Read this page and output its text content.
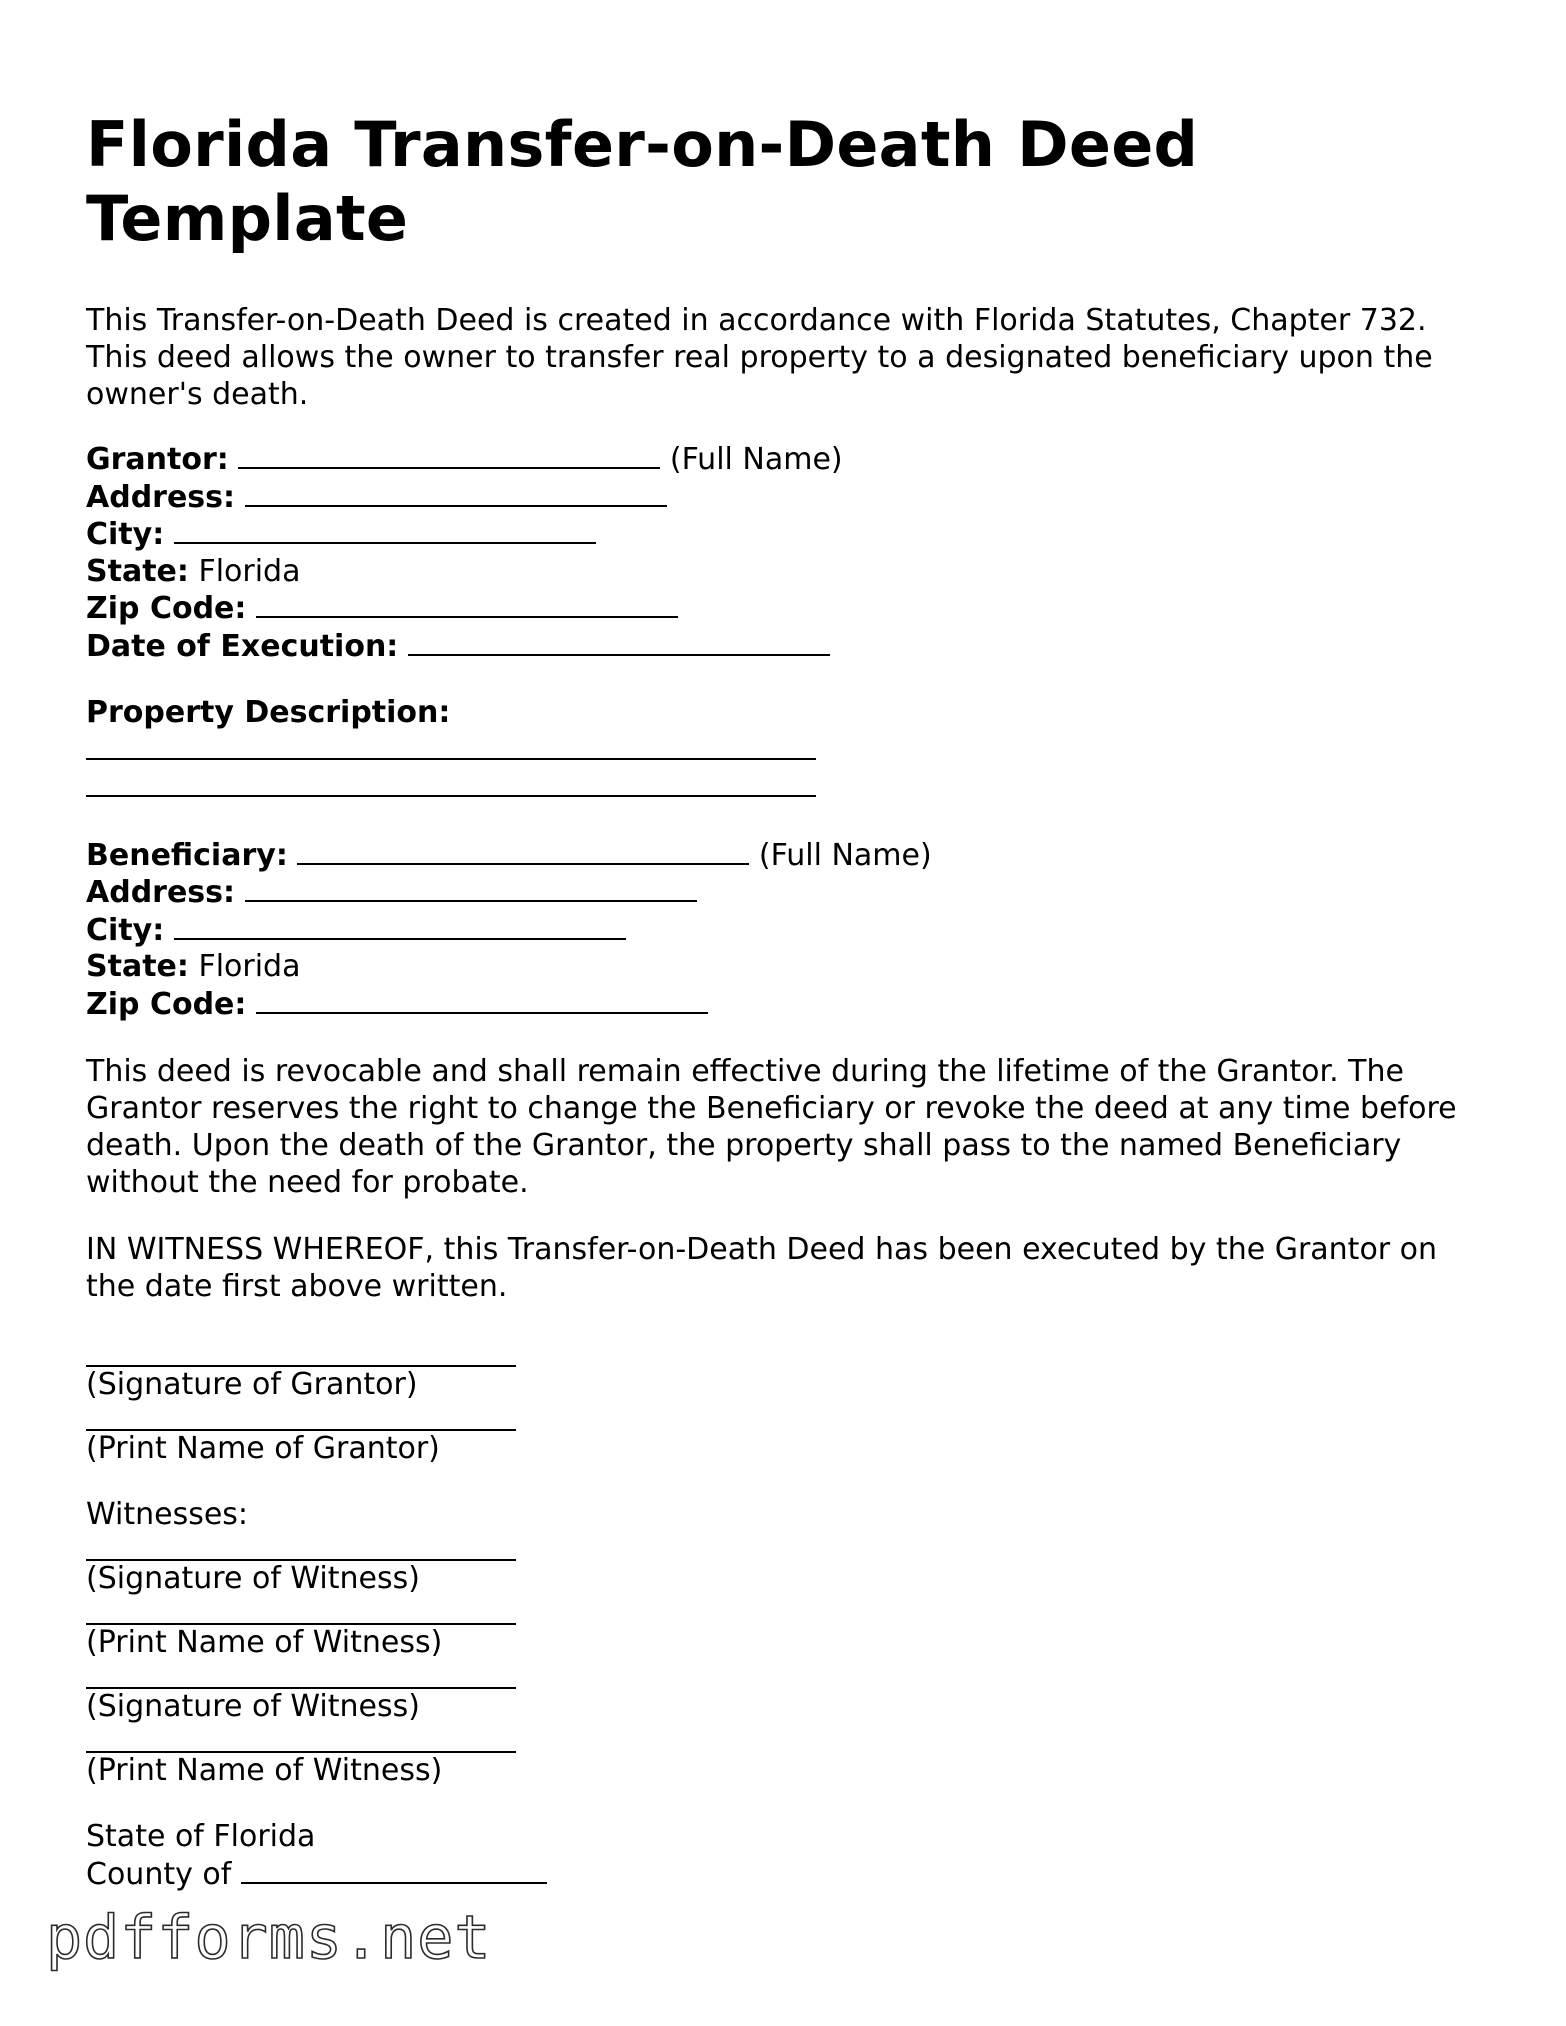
Florida Transfer-on-Death Deed Template

This Transfer-on-Death Deed is created in accordance with Florida Statutes, Chapter 732. This deed allows the owner to transfer real property to a designated beneficiary upon the owner's death.

Grantor:	(Full Name)
Address:
City:
State: Florida
Zip Code:
Date of Execution:
Property Description:
Beneficiary:	(Full Name)
Address:
City:
State: Florida
Zip Code:

This deed is revocable and shall remain effective during the lifetime of the Grantor. The Grantor reserves the right to change the Beneficiary or revoke the deed at any time before death. Upon the death of the Grantor, the property shall pass to the named Beneficiary without the need for probate.

IN WITNESS WHEREOF, this Transfer-on-Death Deed has been executed by the Grantor on the date first above written.

(Signature of Grantor)
(Print Name of Grantor)
Witnesses:
(Signature of Witness)
(Print Name of Witness)
(Signature of Witness)
(Print Name of Witness)
State of Florida
County of
pdfforms.net
